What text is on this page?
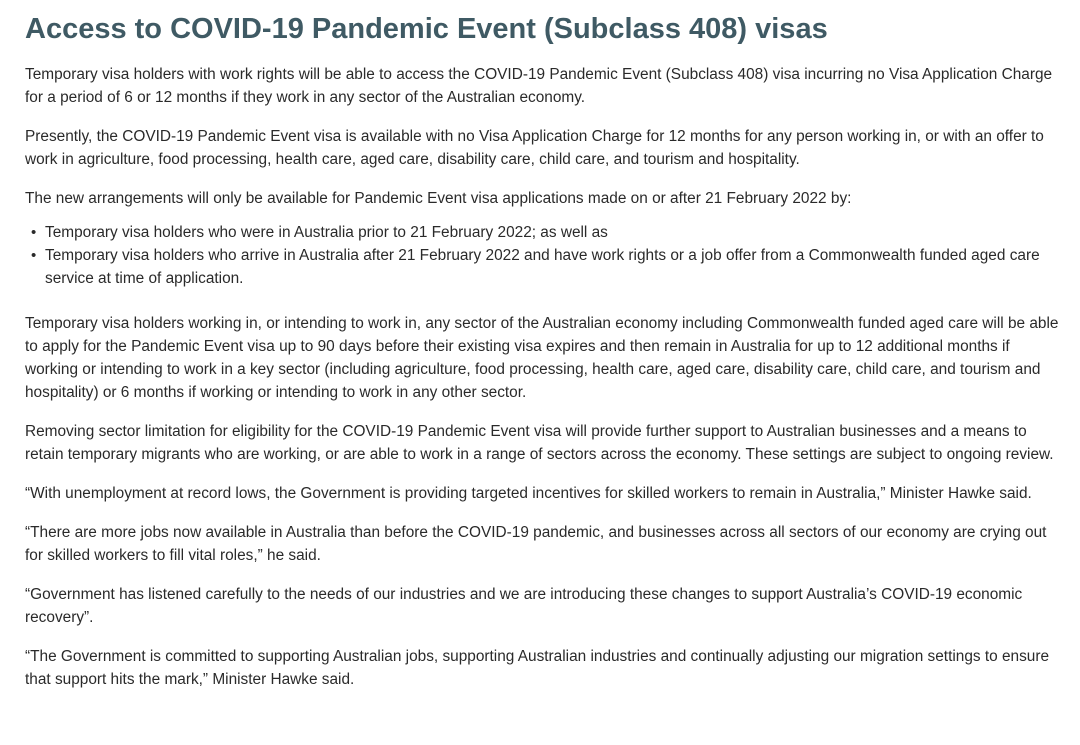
Access to COVID-19 Pandemic Event (Subclass 408) visas

Temporary visa holders with work rights will be able to access the COVID-19 Pandemic Event (Subclass 408) visa incurring no Visa Application Charge for a period of 6 or 12 months if they work in any sector of the Australian economy.

Presently, the COVID-19 Pandemic Event visa is available with no Visa Application Charge for 12 months for any person working in, or with an offer to work in agriculture, food processing, health care, aged care, disability care, child care, and tourism and hospitality.

The new arrangements will only be available for Pandemic Event visa applications made on or after 21 February 2022 by:

• Temporary visa holders who were in Australia prior to 21 February 2022; as well as
• Temporary visa holders who arrive in Australia after 21 February 2022 and have work rights or a job offer from a Commonwealth funded aged care service at time of application.

Temporary visa holders working in, or intending to work in, any sector of the Australian economy including Commonwealth funded aged care will be able to apply for the Pandemic Event visa up to 90 days before their existing visa expires and then remain in Australia for up to 12 additional months if working or intending to work in a key sector (including agriculture, food processing, health care, aged care, disability care, child care, and tourism and hospitality) or 6 months if working or intending to work in any other sector.

Removing sector limitation for eligibility for the COVID-19 Pandemic Event visa will provide further support to Australian businesses and a means to retain temporary migrants who are working, or are able to work in a range of sectors across the economy. These settings are subject to ongoing review.

“With unemployment at record lows, the Government is providing targeted incentives for skilled workers to remain in Australia,” Minister Hawke said.

“There are more jobs now available in Australia than before the COVID-19 pandemic, and businesses across all sectors of our economy are crying out for skilled workers to fill vital roles,” he said.

“Government has listened carefully to the needs of our industries and we are introducing these changes to support Australia’s COVID-19 economic recovery”.

“The Government is committed to supporting Australian jobs, supporting Australian industries and continually adjusting our migration settings to ensure that support hits the mark,” Minister Hawke said.
